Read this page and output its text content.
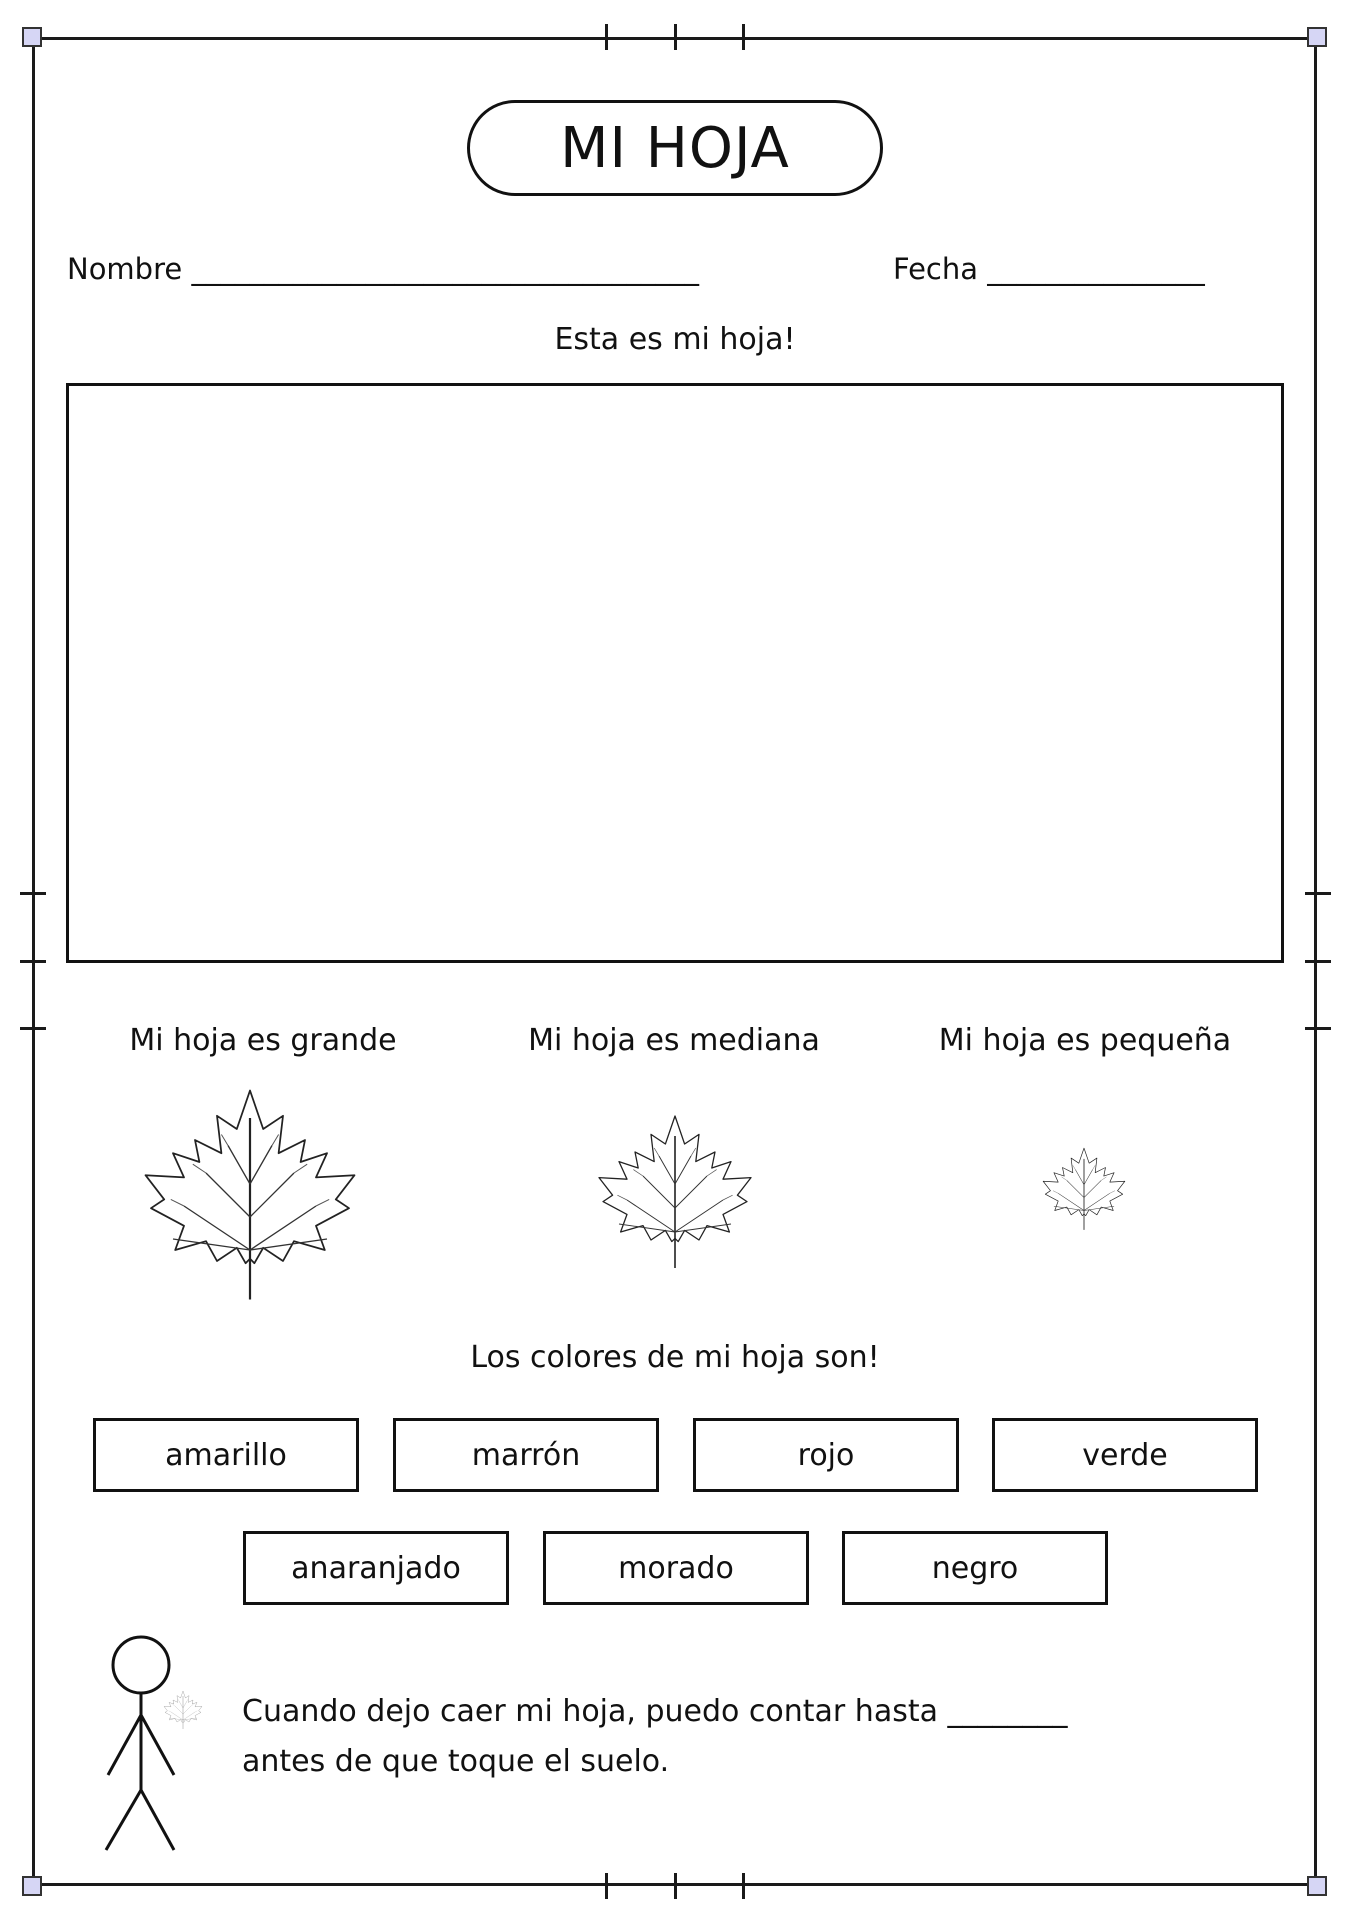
MI HOJA
Nombre ___________________________________	Fecha _______________
Esta es mi hoja!
Mi hoja es grande	Mi hoja es mediana	Mi hoja es pequeña
Los colores de mi hoja son!
amarillo	marrón	rojo	verde
anaranjado	morado	negro
Cuando dejo caer mi hoja, puedo contar hasta ________
antes de que toque el suelo.
